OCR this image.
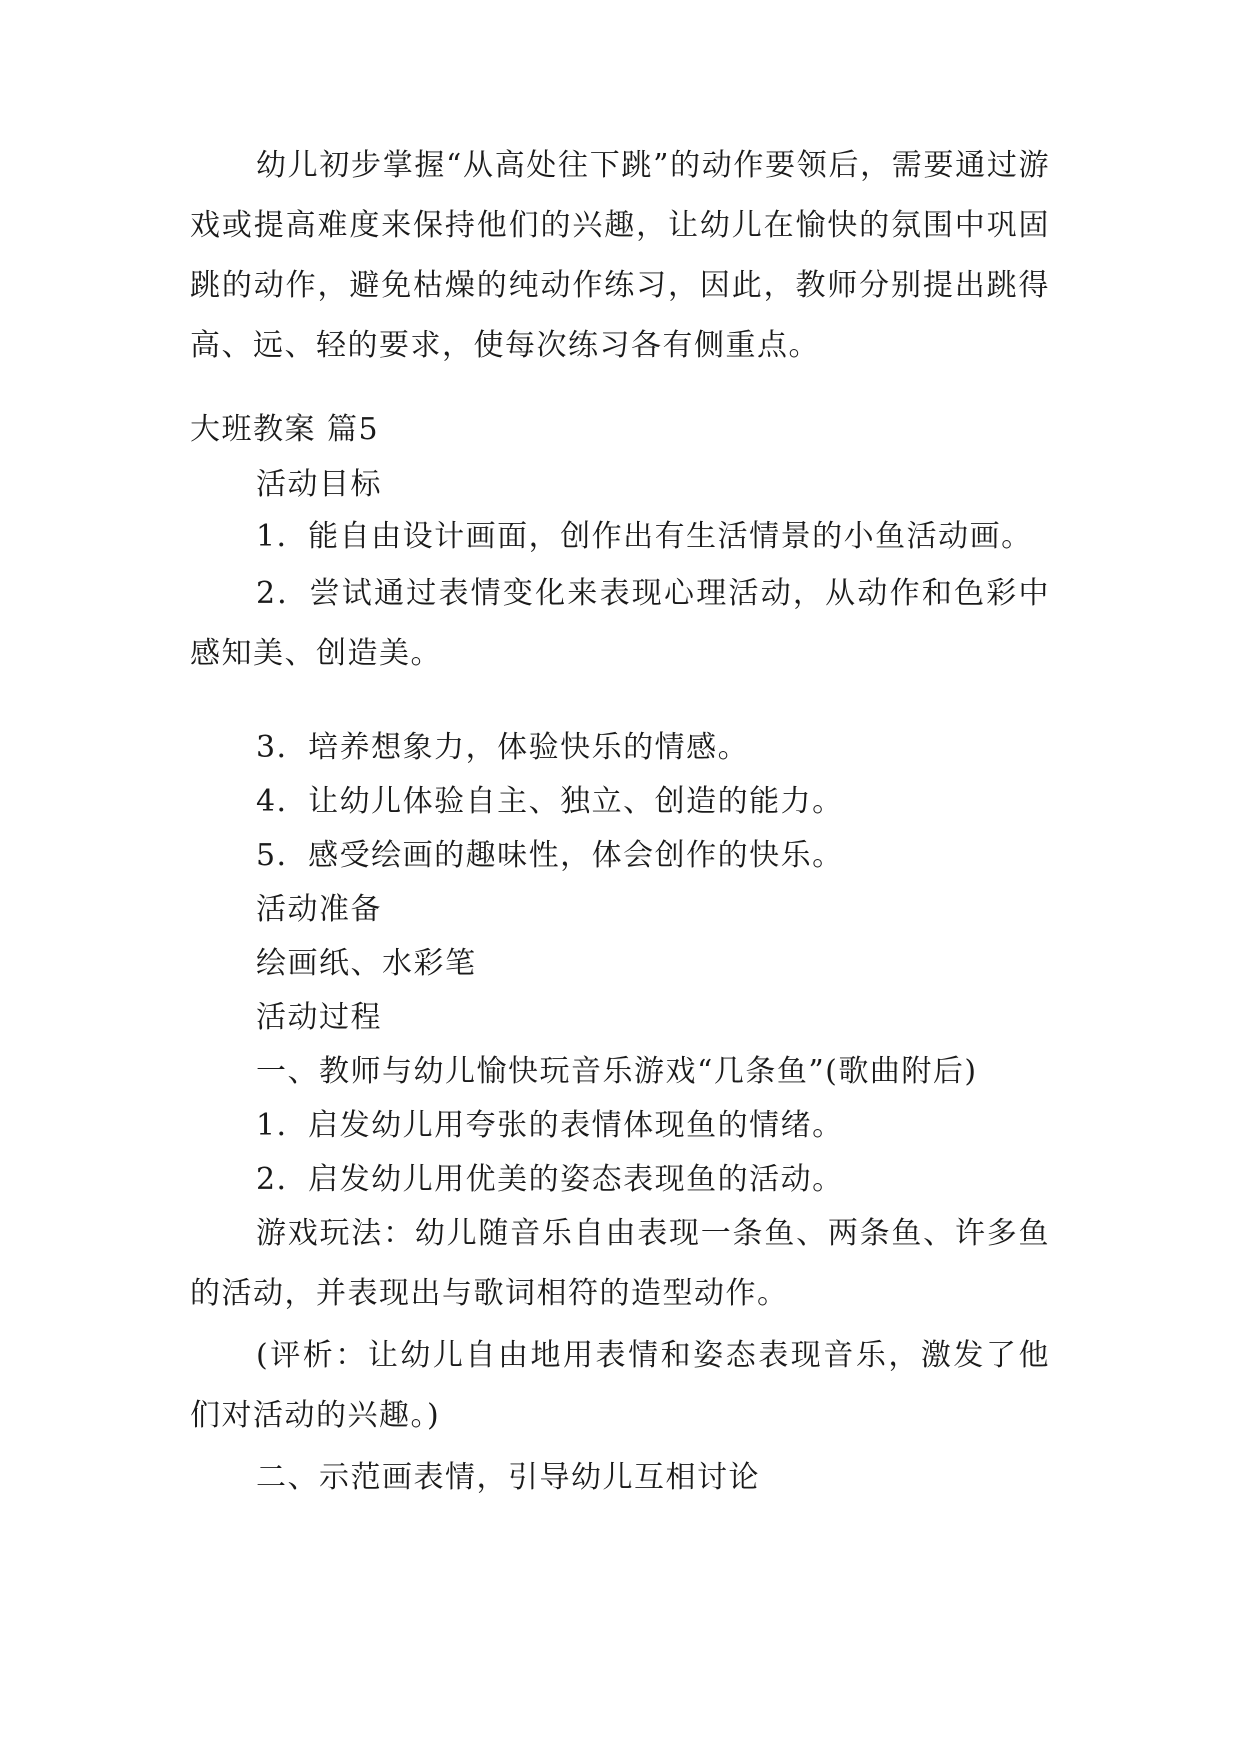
幼儿初步掌握“从高处往下跳”的动作要领后，需要通过游戏或提高难度来保持他们的兴趣，让幼儿在愉快的氛围中巩固跳的动作，避免枯燥的纯动作练习，因此，教师分别提出跳得高、远、轻的要求，使每次练习各有侧重点。

大班教案 篇5
活动目标
1．能自由设计画面，创作出有生活情景的小鱼活动画。

2．尝试通过表情变化来表现心理活动，从动作和色彩中感知美、创造美。

3．培养想象力，体验快乐的情感。
4．让幼儿体验自主、独立、创造的能力。
5．感受绘画的趣味性，体会创作的快乐。
活动准备
绘画纸、水彩笔
活动过程
一、教师与幼儿愉快玩音乐游戏“几条鱼”(歌曲附后)
1．启发幼儿用夸张的表情体现鱼的情绪。
2．启发幼儿用优美的姿态表现鱼的活动。

游戏玩法：幼儿随音乐自由表现一条鱼、两条鱼、许多鱼的活动，并表现出与歌词相符的造型动作。

(评析：让幼儿自由地用表情和姿态表现音乐，激发了他们对活动的兴趣。)

二、示范画表情，引导幼儿互相讨论
